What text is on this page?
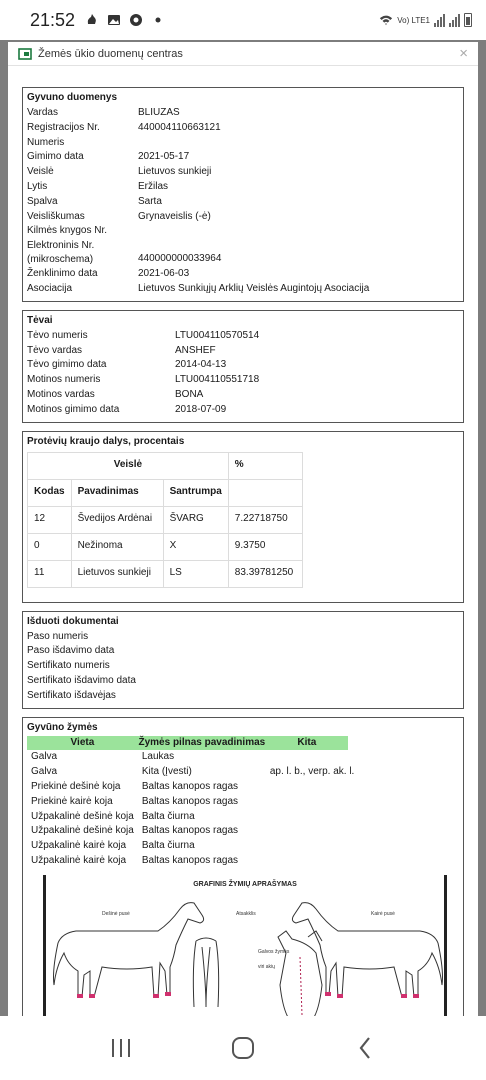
21:52	Vo) LTE1
Žemės ūkio duomenų centras	×
Gyvuno duomenys
Vardas	BLIUZAS
Registracijos Nr.	440004110663121
Numeris
Gimimo data	2021-05-17
Veislė	Lietuvos sunkieji
Lytis	Eržilas
Spalva	Sarta
Veisliškumas	Grynaveislis (-ė)
Kilmės knygos Nr.
Elektroninis Nr. (mikroschema)	440000000033964
Ženklinimo data	2021-06-03
Asociacija	Lietuvos Sunkiųjų Arklių Veislės Augintojų Asociacija
Tėvai
Tėvo numeris	LTU004110570514
Tėvo vardas	ANSHEF
Tėvo gimimo data	2014-04-13
Motinos numeris	LTU004110551718
Motinos vardas	BONA
Motinos gimimo data	2018-07-09
Protėvių kraujo dalys, procentais
Veislė			%
Kodas	Pavadinimas	Santrumpa	
12	Švedijos Ardėnai	ŠVARG	7.22718750
0	Nežinoma	X	9.3750
11	Lietuvos sunkieji	LS	83.39781250
Išduoti dokumentai
Paso numeris
Paso išdavimo data
Sertifikato numeris
Sertifikato išdavimo data
Sertifikato išdavėjas
Gyvūno žymės
Vieta	Žymės pilnas pavadinimas	Kita	
Galva	Laukas		
Galva	Kita (Įvesti)	ap. l. b., verp. ak. l.	
Priekinė dešinė koja	Baltas kanopos ragas		
Priekinė kairė koja	Baltas kanopos ragas		
Užpakalinė dešinė koja	Balta čiurna		
Užpakalinė dešinė koja	Baltas kanopos ragas		
Užpakalinė kairė koja	Balta čiurna		
Užpakalinė kairė koja	Baltas kanopos ragas		
GRAFINIS ŽYMIŲ APRAŠYMAS
Dešinė pusė	Atsakklis	Kairė pusė
Galvos žymės viri akių
